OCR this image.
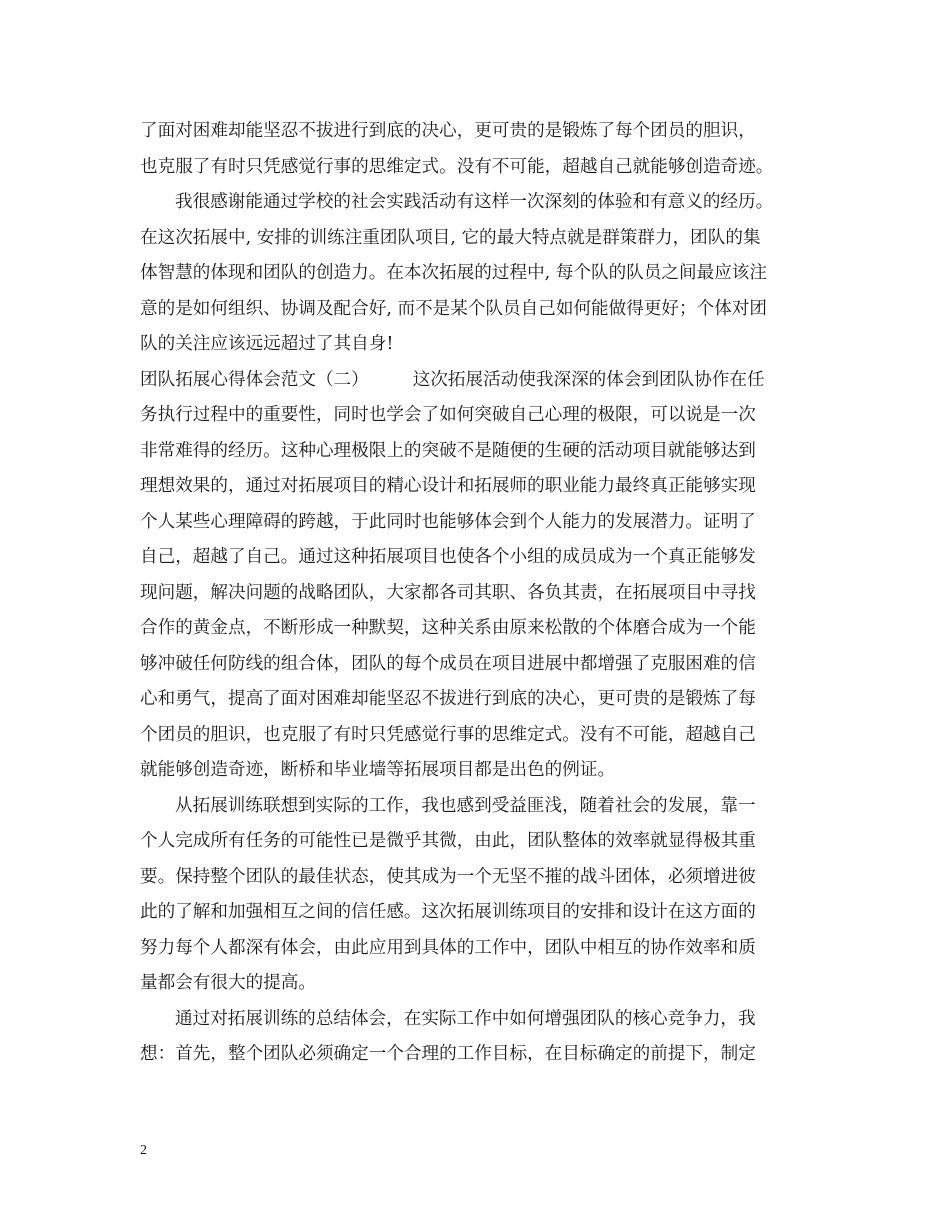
了面对困难却能坚忍不拔进行到底的决心，更可贵的是锻炼了每个团员的胆识，
也克服了有时只凭感觉行事的思维定式。没有不可能，超越自己就能够创造奇迹。
我很感谢能通过学校的社会实践活动有这样一次深刻的体验和有意义的经历。
在这次拓展中, 安排的训练注重团队项目, 它的最大特点就是群策群力，团队的集
体智慧的体现和团队的创造力。在本次拓展的过程中, 每个队的队员之间最应该注
意的是如何组织、协调及配合好, 而不是某个队员自己如何能做得更好；个体对团
队的关注应该远远超过了其自身!
团队拓展心得体会范文（二）	这次拓展活动使我深深的体会到团队协作在任
务执行过程中的重要性，同时也学会了如何突破自己心理的极限，可以说是一次
非常难得的经历。这种心理极限上的突破不是随便的生硬的活动项目就能够达到
理想效果的，通过对拓展项目的精心设计和拓展师的职业能力最终真正能够实现
个人某些心理障碍的跨越，于此同时也能够体会到个人能力的发展潜力。证明了
自己，超越了自己。通过这种拓展项目也使各个小组的成员成为一个真正能够发
现问题，解决问题的战略团队，大家都各司其职、各负其责，在拓展项目中寻找
合作的黄金点，不断形成一种默契，这种关系由原来松散的个体磨合成为一个能
够冲破任何防线的组合体，团队的每个成员在项目进展中都增强了克服困难的信
心和勇气，提高了面对困难却能坚忍不拔进行到底的决心，更可贵的是锻炼了每
个团员的胆识，也克服了有时只凭感觉行事的思维定式。没有不可能，超越自己
就能够创造奇迹，断桥和毕业墙等拓展项目都是出色的例证。
从拓展训练联想到实际的工作，我也感到受益匪浅，随着社会的发展，靠一
个人完成所有任务的可能性已是微乎其微，由此，团队整体的效率就显得极其重
要。保持整个团队的最佳状态，使其成为一个无坚不摧的战斗团体，必须增进彼
此的了解和加强相互之间的信任感。这次拓展训练项目的安排和设计在这方面的
努力每个人都深有体会，由此应用到具体的工作中，团队中相互的协作效率和质
量都会有很大的提高。
通过对拓展训练的总结体会，在实际工作中如何增强团队的核心竞争力，我
想：首先，整个团队必须确定一个合理的工作目标，在目标确定的前提下，制定
2
